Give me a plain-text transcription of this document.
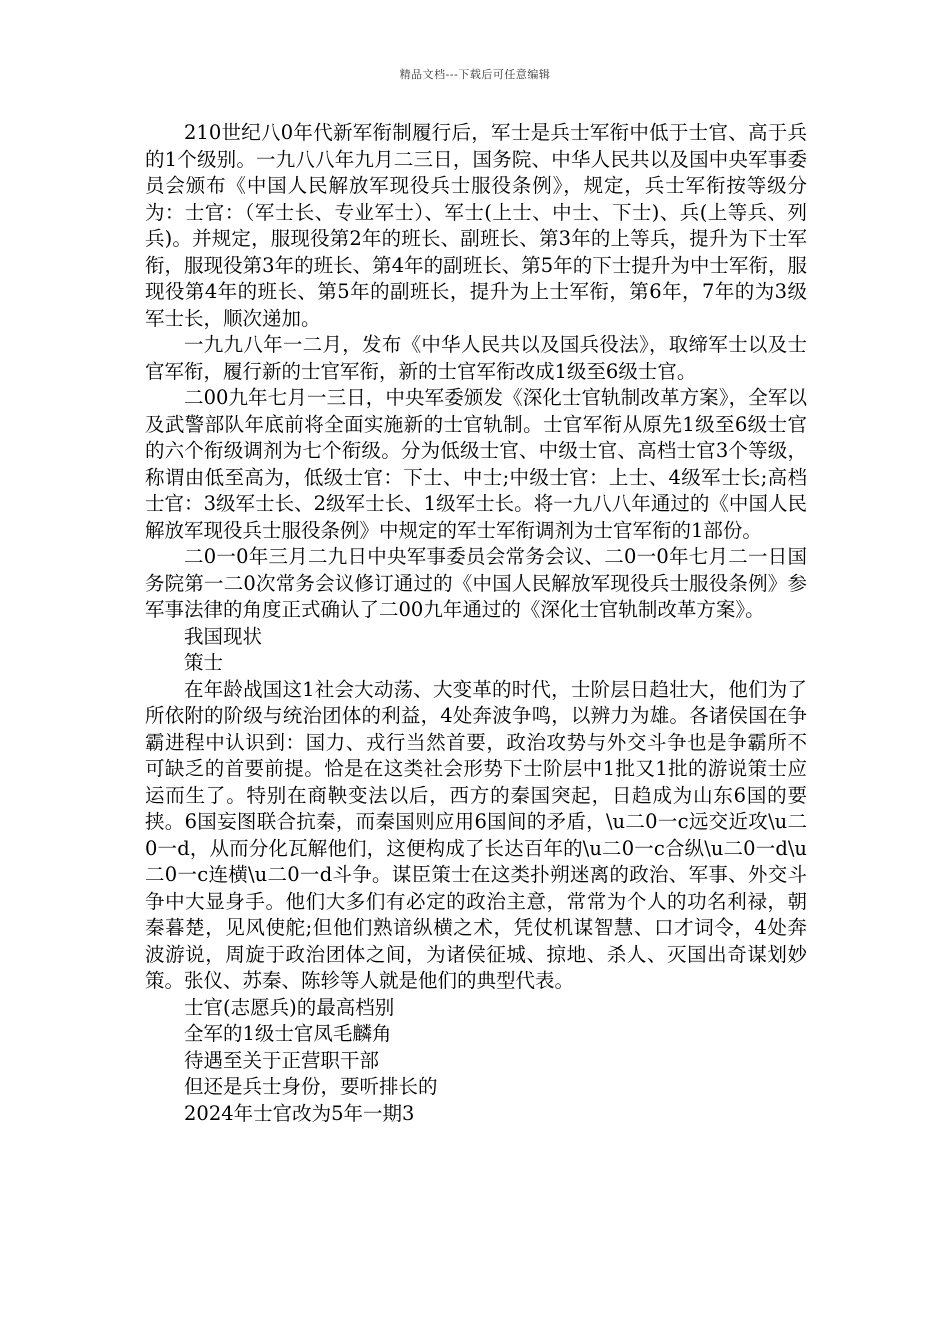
精品文档---下载后可任意编辑

210世纪八0年代新军衔制履行后，军士是兵士军衔中低于士官、高于兵的1个级别。一九八八年九月二三日，国务院、中华人民共以及国中央军事委员会颁布《中国人民解放军现役兵士服役条例》，规定，兵士军衔按等级分为：士官：（军士长、专业军士）、军士(上士、中士、下士)、兵(上等兵、列兵)。并规定，服现役第2年的班长、副班长、第3年的上等兵，提升为下士军衔，服现役第3年的班长、第4年的副班长、第5年的下士提升为中士军衔，服现役第4年的班长、第5年的副班长，提升为上士军衔，第6年，7年的为3级军士长，顺次递加。

一九九八年一二月，发布《中华人民共以及国兵役法》，取缔军士以及士官军衔，履行新的士官军衔，新的士官军衔改成1级至6级士官。

二00九年七月一三日，中央军委颁发《深化士官轨制改革方案》，全军以及武警部队年底前将全面实施新的士官轨制。士官军衔从原先1级至6级士官的六个衔级调剂为七个衔级。分为低级士官、中级士官、高档士官3个等级，称谓由低至高为，低级士官：下士、中士;中级士官：上士、4级军士长;高档士官：3级军士长、2级军士长、1级军士长。将一九八八年通过的《中国人民解放军现役兵士服役条例》中规定的军士军衔调剂为士官军衔的1部份。

二0一0年三月二九日中央军事委员会常务会议、二0一0年七月二一日国务院第一二0次常务会议修订通过的《中国人民解放军现役兵士服役条例》参军事法律的角度正式确认了二00九年通过的《深化士官轨制改革方案》。

我国现状

策士

在年龄战国这1社会大动荡、大变革的时代，士阶层日趋壮大，他们为了所依附的阶级与统治团体的利益，4处奔波争鸣，以辨力为雄。各诸侯国在争霸进程中认识到：国力、戎行当然首要，政治攻势与外交斗争也是争霸所不可缺乏的首要前提。恰是在这类社会形势下士阶层中1批又1批的游说策士应运而生了。特别在商鞅变法以后，西方的秦国突起，日趋成为山东6国的要挟。6国妄图联合抗秦，而秦国则应用6国间的矛盾，\u二0一c远交近攻\u二0一d，从而分化瓦解他们，这便构成了长达百年的\u二0一c合纵\u二0一d\u二0一c连横\u二0一d斗争。谋臣策士在这类扑朔迷离的政治、军事、外交斗争中大显身手。他们大多们有必定的政治主意，常常为个人的功名利禄，朝秦暮楚，见风使舵;但他们熟谙纵横之术，凭仗机谋智慧、口才词令，4处奔波游说，周旋于政治团体之间，为诸侯征城、掠地、杀人、灭国出奇谋划妙策。张仪、苏秦、陈轸等人就是他们的典型代表。

士官(志愿兵)的最高档别

全军的1级士官凤毛麟角

待遇至关于正营职干部

但还是兵士身份，要听排长的

2024年士官改为5年一期3
